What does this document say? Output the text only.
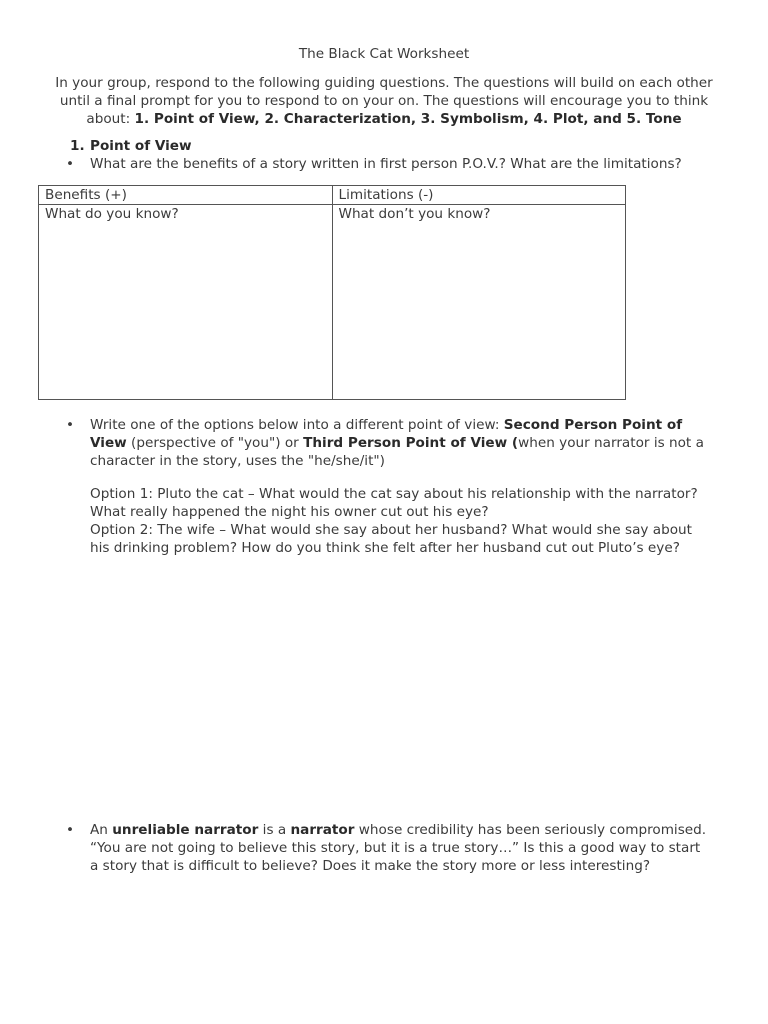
The Black Cat Worksheet
In your group, respond to the following guiding questions. The questions will build on each other
until a final prompt for you to respond to on your on. The questions will encourage you to think
about: 1. Point of View, 2. Characterization, 3. Symbolism, 4. Plot, and 5. Tone
1. Point of View
• What are the benefits of a story written in first person P.O.V.? What are the limitations?
Benefits (+)	Limitations (-)
What do you know?	What don’t you know?
• Write one of the options below into a different point of view: Second Person Point of
View (perspective of "you") or Third Person Point of View (when your narrator is not a
character in the story, uses the "he/she/it")
Option 1: Pluto the cat – What would the cat say about his relationship with the narrator?
What really happened the night his owner cut out his eye?
Option 2: The wife – What would she say about her husband? What would she say about
his drinking problem? How do you think she felt after her husband cut out Pluto’s eye?
• An unreliable narrator is a narrator whose credibility has been seriously compromised.
“You are not going to believe this story, but it is a true story…” Is this a good way to start
a story that is difficult to believe? Does it make the story more or less interesting?
